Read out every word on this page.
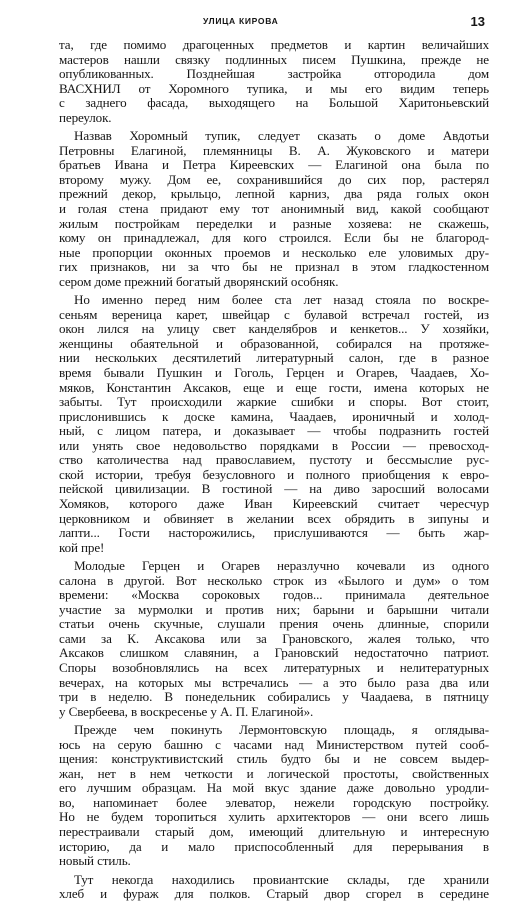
УЛИЦА КИРОВА	13
та, где помимо драгоценных предметов и картин величайших
мастеров нашли связку подлинных писем Пушкина, прежде не
опубликованных. Позднейшая застройка отгородила дом
ВАСХНИЛ от Хоромного тупика, и мы его видим теперь
с заднего фасада, выходящего на Большой Харитоньевский
переулок.
Назвав Хоромный тупик, следует сказать о доме Авдотьи
Петровны Елагиной, племянницы В. А. Жуковского и матери
братьев Ивана и Петра Киреевских — Елагиной она была по
второму мужу. Дом ее, сохранившийся до сих пор, растерял
прежний декор, крыльцо, лепной карниз, два ряда голых окон
и голая стена придают ему тот анонимный вид, какой сообщают
жилым постройкам переделки и разные хозяева: не скажешь,
кому он принадлежал, для кого строился. Если бы не благород-
ные пропорции оконных проемов и несколько еле уловимых дру-
гих признаков, ни за что бы не признал в этом гладкостенном
сером доме прежний богатый дворянский особняк.
Но именно перед ним более ста лет назад стояла по воскре-
сеньям вереница карет, швейцар с булавой встречал гостей, из
окон лился на улицу свет канделябров и кенкетов... У хозяйки,
женщины обаятельной и образованной, собиралcя на протяже-
нии нескольких десятилетий литературный салон, где в разное
время бывали Пушкин и Гоголь, Герцен и Огарев, Чаадаев, Хо-
мяков, Константин Аксаков, еще и еще гости, имена которых не
забыты. Тут происходили жаркие сшибки и споры. Вот стоит,
прислонившись к доске камина, Чаадаев, ироничный и холод-
ный, с лицом патера, и доказывает — чтобы подразнить гостей
или унять свое недовольство порядками в России — превосход-
ство католичества над православием, пустоту и бессмыслие рус-
ской истории, требуя безусловного и полного приобщения к евро-
пейской цивилизации. В гостиной — на диво заросший волосами
Хомяков, которого даже Иван Киреевский считает чересчур
церковником и обвиняет в желании всех обрядить в зипуны и
лапти... Гости насторожились, прислушиваются — быть жар-
кой пре!
Молодые Герцен и Огарев неразлучно кочевали из одного
салона в другой. Вот несколько строк из «Былого и дум» о том
времени: «Москва сороковых годов... принимала деятельное
участие за мурмолки и против них; барыни и барышни читали
статьи очень скучные, слушали прения очень длинные, спорили
сами за К. Аксакова или за Грановского, жалея только, что
Аксаков слишком славянин, а Грановский недостаточно патриот.
Споры возобновлялись на всех литературных и нелитературных
вечерах, на которых мы встречались — а это было раза два или
три в неделю. В понедельник собирались у Чаадаева, в пятницу
у Свербеева, в воскресенье у А. П. Елагиной».
Прежде чем покинуть Лермонтовскую площадь, я оглядыва-
юсь на серую башню с часами над Министерством путей сооб-
щения: конструктивистский стиль будто бы и не совсем выдер-
жан, нет в нем четкости и логической простоты, свойственных
его лучшим образцам. На мой вкус здание даже довольно уродли-
во, напоминает более элеватор, нежели городскую постройку.
Но не будем торопиться хулить архитекторов — они всего лишь
перестраивали старый дом, имеющий длительную и интересную
историю, да и мало приспособленный для перерывания в
новый стиль.
Тут некогда находились провиантские склады, где хранили
хлеб и фураж для полков. Старый двор сгорел в середине
